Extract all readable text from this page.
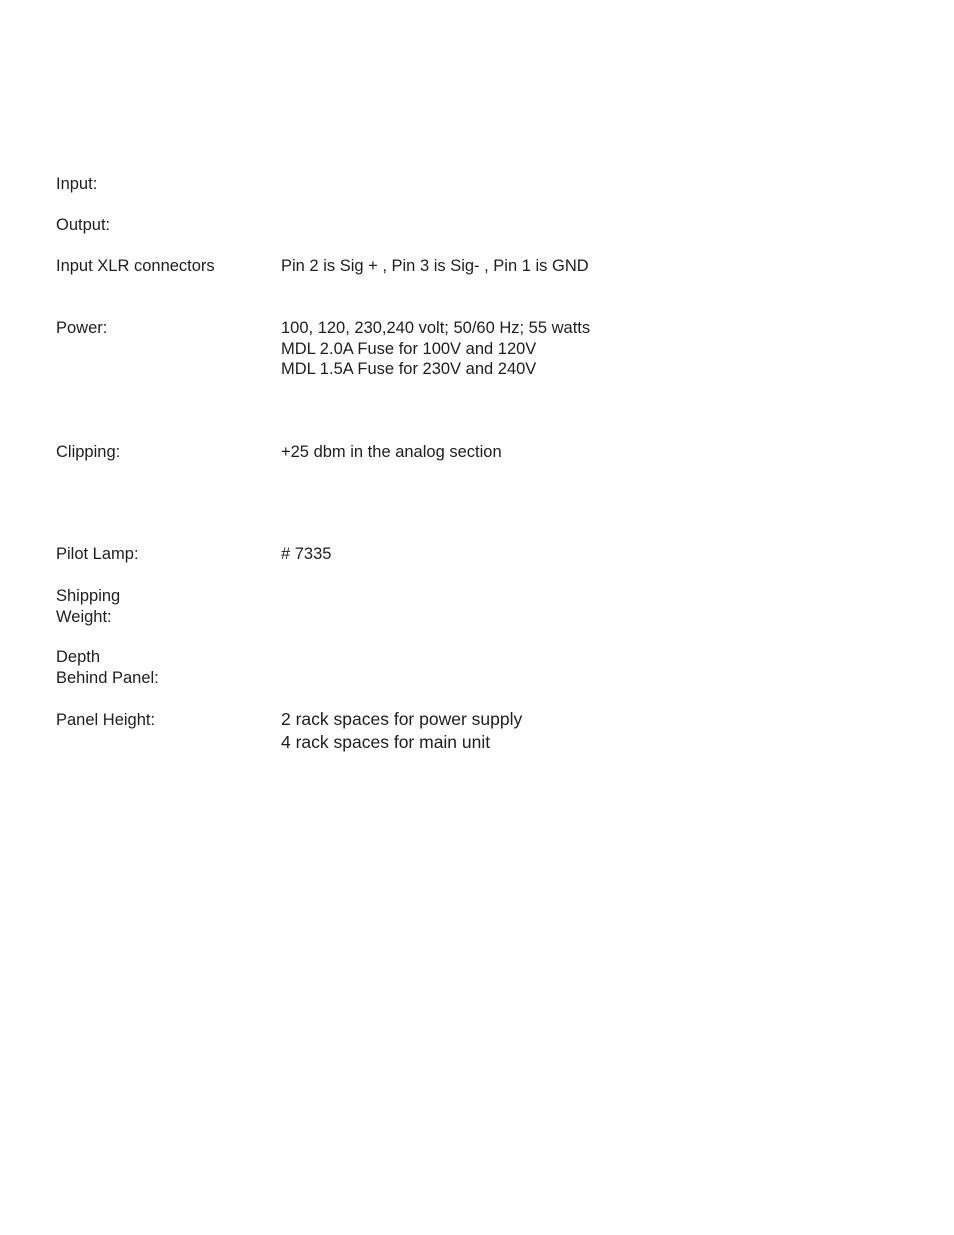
Input:
Output:
Input XLR connectors	Pin 2 is Sig + , Pin 3 is Sig- , Pin 1 is GND
Power:	100, 120, 230,240 volt; 50/60 Hz; 55 watts
MDL 2.0A Fuse for 100V and 120V
MDL 1.5A Fuse for 230V and 240V
Clipping:	+25 dbm in the analog section
Pilot Lamp:	# 7335
Shipping
Weight:
Depth
Behind Panel:
Panel Height:	2 rack spaces for power supply
4 rack spaces for main unit
